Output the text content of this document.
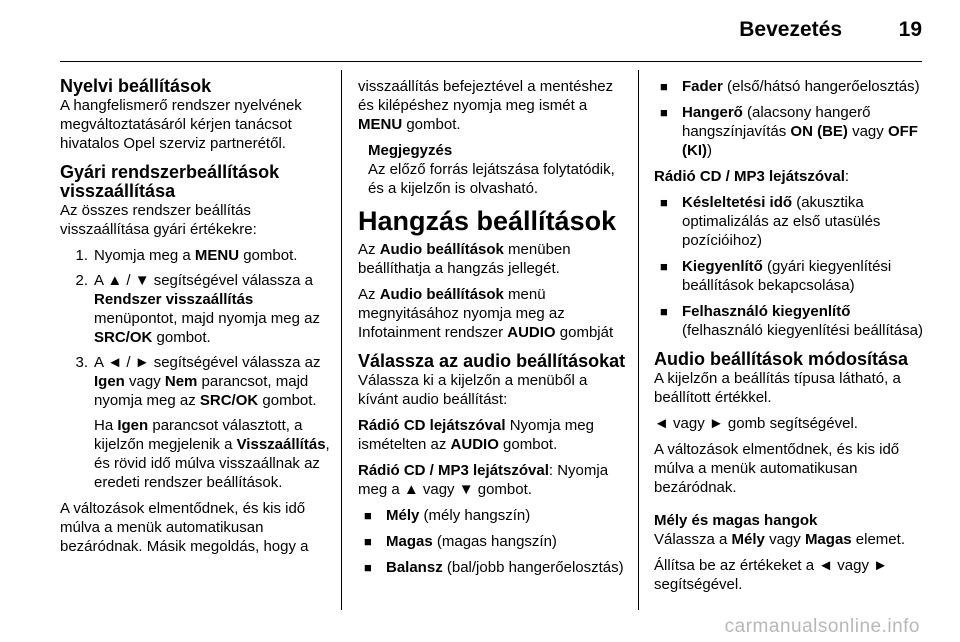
Bevezetés	19
Nyelvi beállítások

A hangfelismerő rendszer nyelvének megváltoztatásáról kérjen tanácsot hivatalos Opel szerviz partnerétől.

Gyári rendszerbeállítások visszaállítása

Az összes rendszer beállítás visszaállítása gyári értékekre:

1. Nyomja meg a MENU gombot.
2. A ▲ / ▼ segítségével válassza a Rendszer visszaállítás menüpontot, majd nyomja meg az SRC/OK gombot.
3. A ◄ / ► segítségével válassza az Igen vagy Nem parancsot, majd nyomja meg az SRC/OK gombot.
Ha Igen parancsot választott, a kijelzőn megjelenik a Visszaállítás, és rövid idő múlva visszaállnak az eredeti rendszer beállítások.

A változások elmentődnek, és kis idő múlva a menük automatikusan bezáródnak. Másik megoldás, hogy a

visszaállítás befejeztével a mentéshez és kilépéshez nyomja meg ismét a MENU gombot.

Megjegyzés
Az előző forrás lejátszása folytatódik, és a kijelzőn is olvasható.
Hangzás beállítások

Az Audio beállítások menüben beállíthatja a hangzás jellegét.

Az Audio beállítások menü megnyitásához nyomja meg az Infotainment rendszer AUDIO gombját

Válassza az audio beállításokat

Válassza ki a kijelzőn a menüből a kívánt audio beállítást:

Rádió CD lejátszóval Nyomja meg ismételten az AUDIO gombot.

Rádió CD / MP3 lejátszóval: Nyomja meg a ▲ vagy ▼ gombot.

■ Mély (mély hangszín)
■ Magas (magas hangszín)
■ Balansz (bal/jobb hangerőelosztás)
■ Fader (első/hátsó hangerőelosztás)
■ Hangerő (alacsony hangerő hangszínjavítás ON (BE) vagy OFF (KI))

Rádió CD / MP3 lejátszóval:

■ Késleltetési idő (akusztika optimalizálás az első utasülés pozícióihoz)
■ Kiegyenlítő (gyári kiegyenlítési beállítások bekapcsolása)
■ Felhasználó kiegyenlítő (felhasználó kiegyenlítési beállítása)
Audio beállítások módosítása

A kijelzőn a beállítás típusa látható, a beállított értékkel.

◄ vagy ► gomb segítségével.

A változások elmentődnek, és kis idő múlva a menük automatikusan bezáródnak.

Mély és magas hangok

Válassza a Mély vagy Magas elemet.

Állítsa be az értékeket a ◄ vagy ► segítségével.

carmanualsonline.info
